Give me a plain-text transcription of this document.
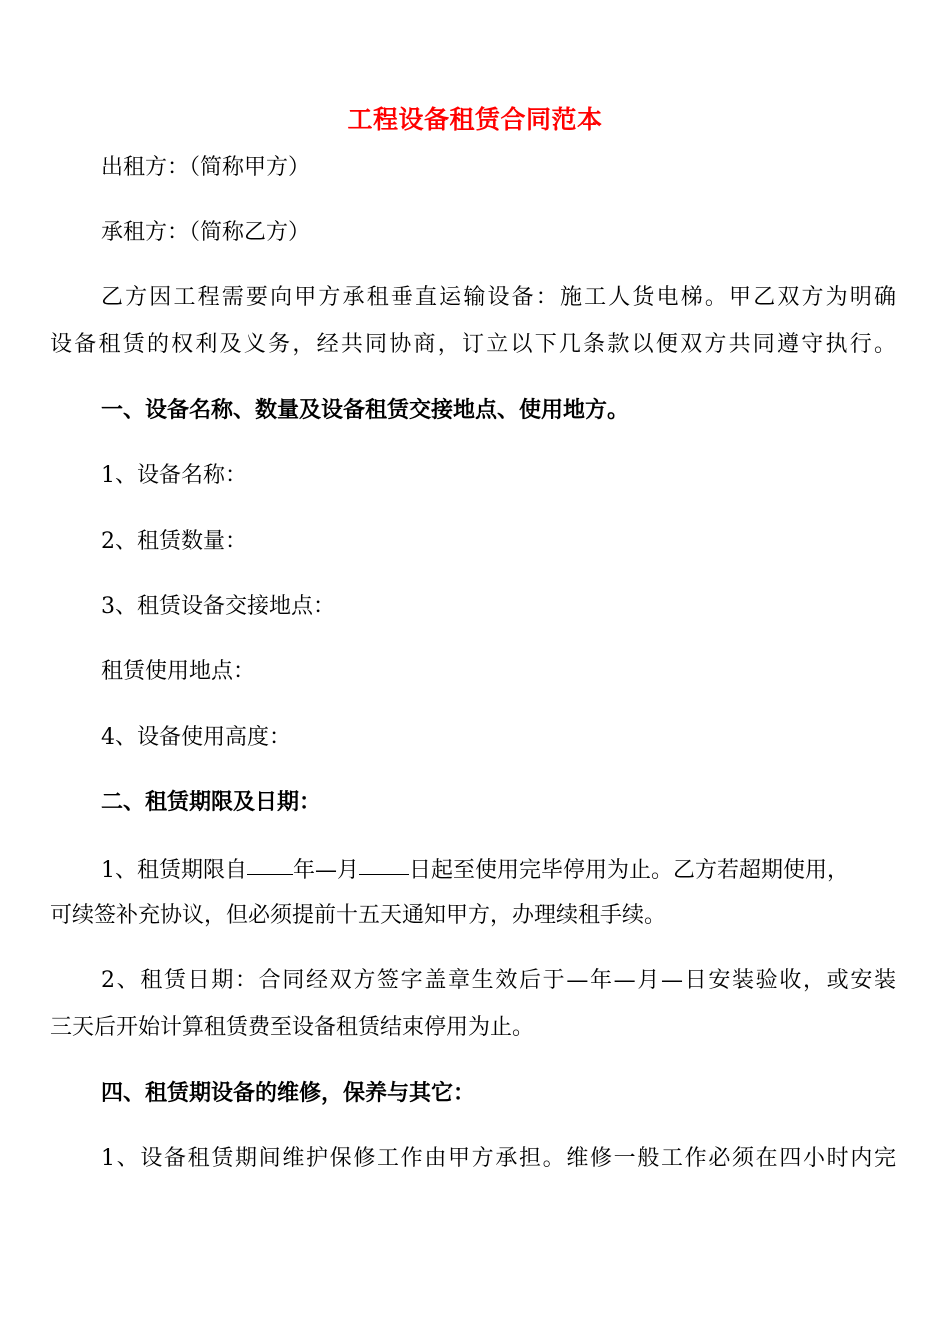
工程设备租赁合同范本
出租方：（简称甲方）
承租方：（简称乙方）
乙方因工程需要向甲方承租垂直运输设备：施工人货电梯。甲乙双方为明确
设备租赁的权利及义务，经共同协商，订立以下几条款以便双方共同遵守执行。
一、设备名称、数量及设备租赁交接地点、使用地方。
1、设备名称：
2、租赁数量：
3、租赁设备交接地点：
租赁使用地点：
4、设备使用高度：
二、租赁期限及日期：
1、租赁期限自 年—月 日起至使用完毕停用为止。乙方若超期使用，
可续签补充协议，但必须提前十五天通知甲方，办理续租手续。
2、租赁日期：合同经双方签字盖章生效后于—年—月—日安装验收，或安装
三天后开始计算租赁费至设备租赁结束停用为止。
四、租赁期设备的维修，保养与其它：
1、设备租赁期间维护保修工作由甲方承担。维修一般工作必须在四小时内完
